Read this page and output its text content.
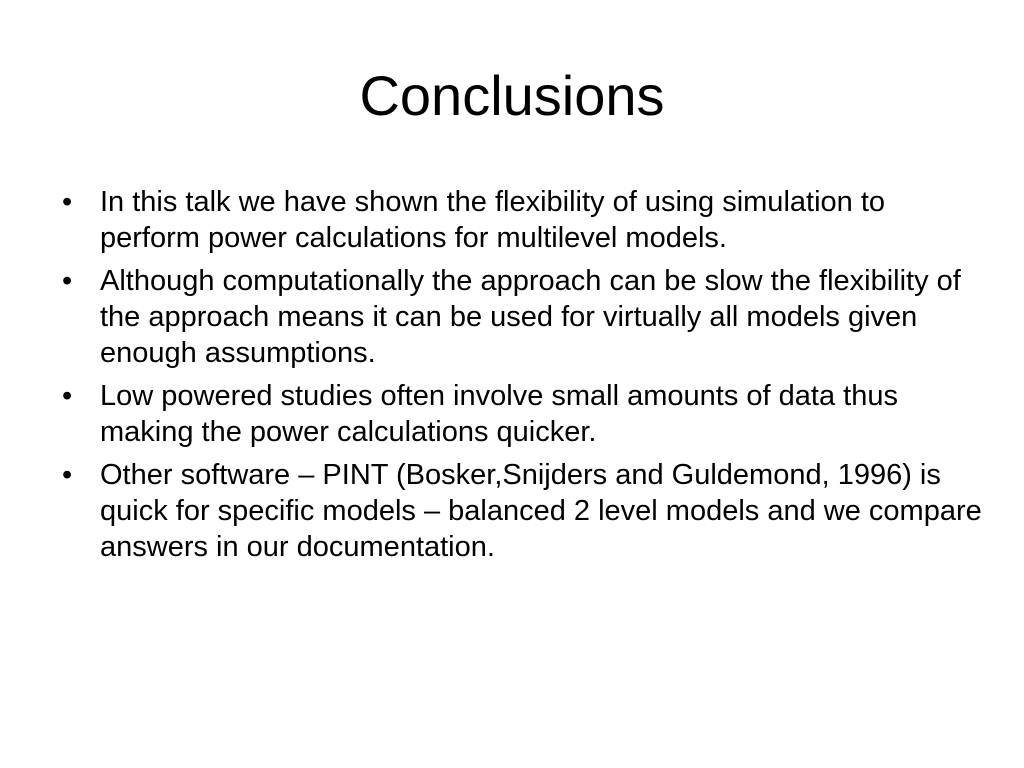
Conclusions
• In this talk we have shown the flexibility of using simulation to perform power calculations for multilevel models.
• Although computationally the approach can be slow the flexibility of the approach means it can be used for virtually all models given enough assumptions.
• Low powered studies often involve small amounts of data thus making the power calculations quicker.
• Other software – PINT (Bosker,Snijders and Guldemond, 1996) is quick for specific models – balanced 2 level models and we compare answers in our documentation.
